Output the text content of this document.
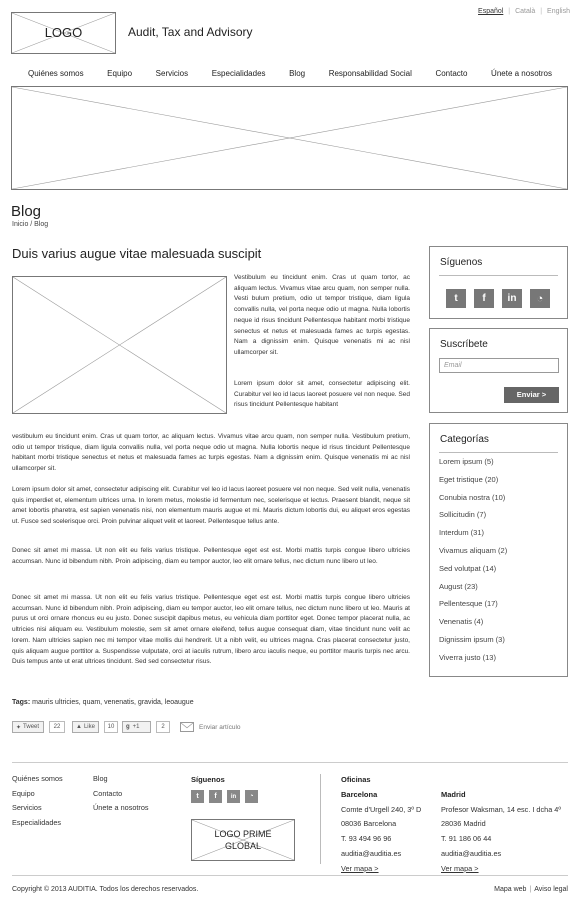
LOGO	Audit, Tax and Advisory
Español | Català | English
Quiénes somos	Equipo	Servicios	Especialidades	Blog	Responsabilidad Social	Contacto	Únete a nosotros
Blog
Inicio / Blog
Duis varius augue vitae malesuada suscipit
Vestibulum eu tincidunt enim. Cras ut quam tortor, ac aliquam lectus. Vivamus vitae arcu quam, non semper nulla. Vesti bulum pretium, odio ut tempor tristique, diam ligula convallis nulla, vel porta neque odio ut magna. Nulla lobortis neque id risus tincidunt Pellentesque habitant morbi tristique senectus et netus et malesuada fames ac turpis egestas. Nam a dignissim enim. Quisque venenatis mi ac nisl ullamcorper sit.
Lorem ipsum dolor sit amet, consectetur adipiscing elit. Curabitur vel leo id lacus laoreet posuere vel non neque. Sed risus tincidunt Pellentesque habitant
vestibulum eu tincidunt enim. Cras ut quam tortor, ac aliquam lectus. Vivamus vitae arcu quam, non semper nulla. Vestibulum pretium, odio ut tempor tristique, diam ligula convallis nulla, vel porta neque odio ut magna. Nulla lobortis neque id risus tincidunt Pellentesque habitant morbi tristique senectus et netus et malesuada fames ac turpis egestas. Nam a dignissim enim. Quisque venenatis mi ac nisl ullamcorper sit.
Lorem ipsum dolor sit amet, consectetur adipiscing elit. Curabitur vel leo id lacus laoreet posuere vel non neque. Sed velit nulla, venenatis quis imperdiet et, elementum ultrices urna. In lorem metus, molestie id fermentum nec, scelerisque et lectus. Praesent blandit, neque sit amet lobortis pharetra, est sapien venenatis nisi, non elementum mauris augue et mi. Mauris dictum lobortis dui, eu aliquet eros egestas ut. Fusce sed scelerisque orci. Proin pulvinar aliquet velit et laoreet. Pellentesque tellus ante.
Donec sit amet mi massa. Ut non elit eu felis varius tristique. Pellentesque eget est est. Morbi mattis turpis congue libero ultricies accumsan. Nunc id bibendum nibh. Proin adipiscing, diam eu tempor auctor, leo elit ornare tellus, nec dictum nunc libero ut leo.
Donec sit amet mi massa. Ut non elit eu felis varius tristique. Pellentesque eget est est. Morbi mattis turpis congue libero ultricies accumsan. Nunc id bibendum nibh. Proin adipiscing, diam eu tempor auctor, leo elit ornare tellus, nec dictum nunc libero ut leo. Mauris at purus ut orci ornare rhoncus eu eu justo. Donec suscipit dapibus metus, eu vehicula diam porttitor eget. Donec tempor placerat nulla, ac ultricies nisi aliquam eu. Vestibulum molestie, sem sit amet ornare eleifend, tellus augue consequat diam, vitae tincidunt nunc velit ac lorem. Nam ultricies sapien nec mi tempor vitae mollis dui hendrerit. Ut a nibh velit, eu ultrices magna. Cras placerat consectetur justo, quis aliquam augue porttitor a. Suspendisse vulputate, orci at iaculis rutrum, libero arcu iaculis neque, eu porttitor mauris turpis nec arcu. Duis tempus ante ut erat ultrices tincidunt. Sed sed consectetur risus.
Tags: mauris ultricies, quam, venenatis, gravida, leoaugue
✦ Tweet	22	▲ Like	10	g +1	2	Enviar artículo
Síguenos
t	f	in	◔
Suscríbete
Email
Enviar >
Categorías
Lorem ipsum (5)
Eget tristique (20)
Conubia nostra (10)
Sollicitudin (7)
Interdum (31)
Vivamus aliquam (2)
Sed volutpat (14)
August (23)
Pellentesque (17)
Venenatis (4)
Dignissim ipsum (3)
Viverra justo (13)
Quiénes somos
Equipo
Servicios
Especialidades
Blog
Contacto
Únete a nosotros
Síguenos
t	f	in	◔
LOGO PRIME GLOBAL
Oficinas
Barcelona
Comte d'Urgell 240, 3º D
08036 Barcelona
T. 93 494 96 96
auditia@auditia.es
Ver mapa >
Madrid
Profesor Waksman, 14 esc. I dcha 4º
28036 Madrid
T. 91 186 06 44
auditia@auditia.es
Ver mapa >
Copyright © 2013 AUDITIA. Todos los derechos reservados.	Mapa web | Aviso legal
